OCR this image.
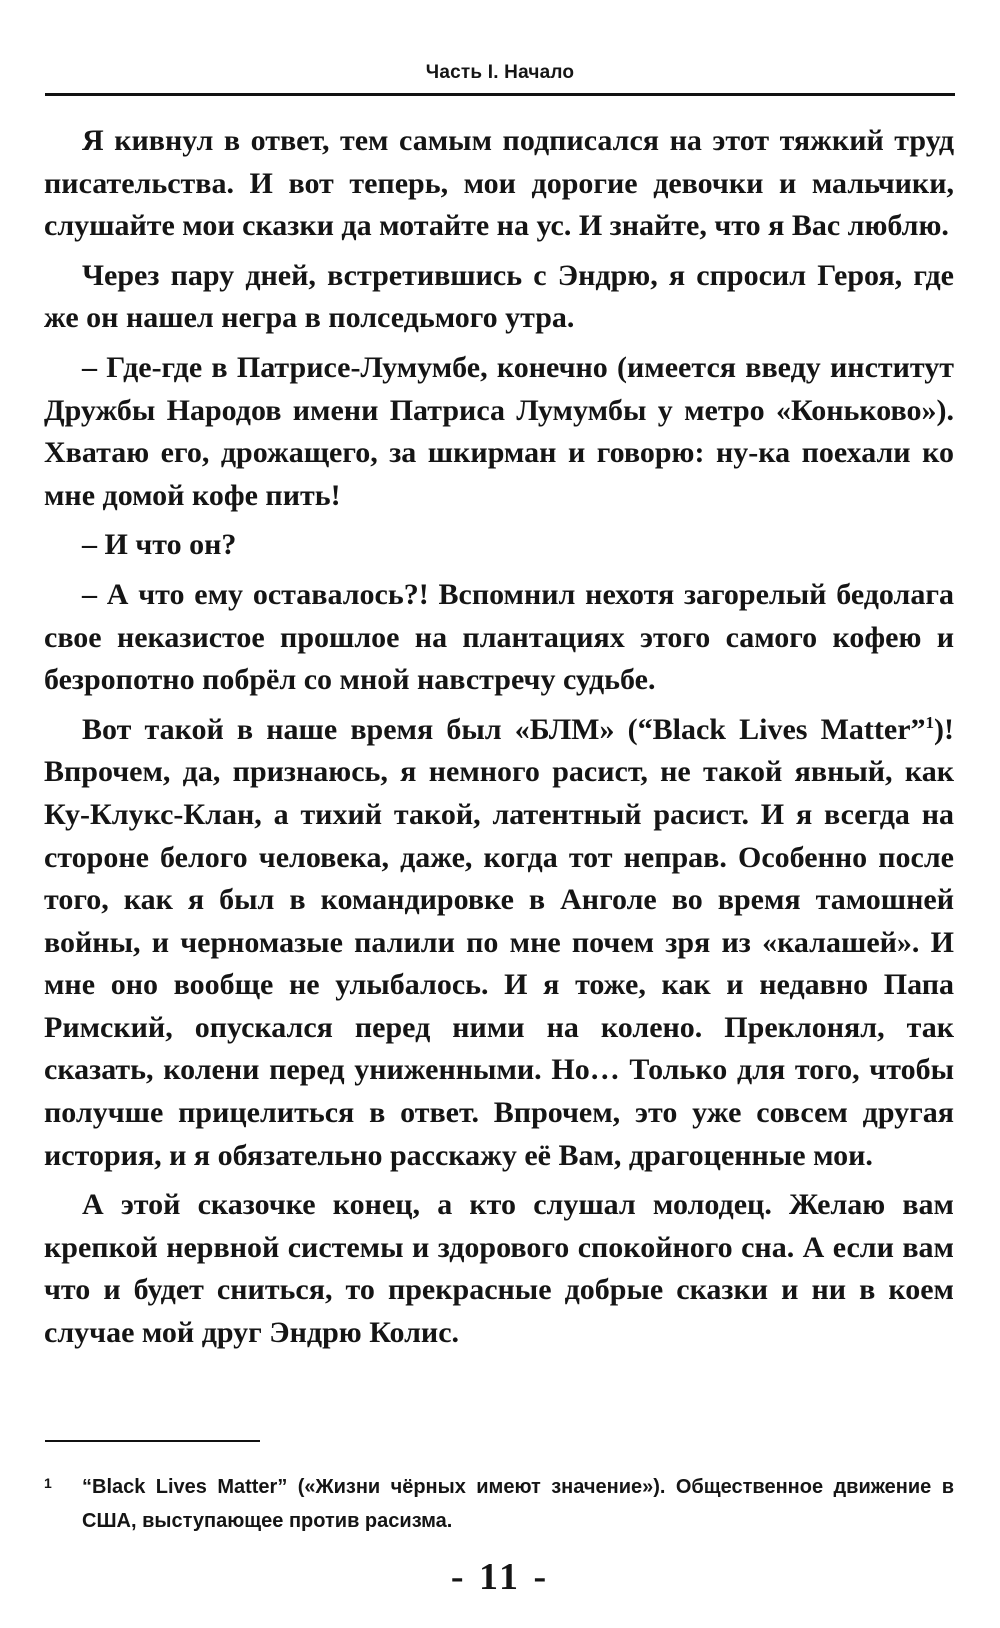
Часть I. Начало

Я кивнул в ответ, тем самым подписался на этот тяжкий труд писательства. И вот теперь, мои дорогие девочки и мальчики, слушайте мои сказки да мотайте на ус. И знайте, что я Вас люблю.

Через пару дней, встретившись с Эндрю, я спросил Героя, где же он нашел негра в полседьмого утра.

– Где-где в Патрисе-Лумумбе, конечно (имеется введу институт Дружбы Народов имени Патриса Лумумбы у метро «Коньково»). Хватаю его, дрожащего, за шкирман и говорю: ну-ка поехали ко мне домой кофе пить!

– И что он?

– А что ему оставалось?! Вспомнил нехотя загорелый бедолага свое неказистое прошлое на плантациях этого самого кофею и безропотно побрёл со мной навстречу судьбе.

Вот такой в наше время был «БЛМ» (“Black Lives Matter”$^1$)! Впрочем, да, признаюсь, я немного расист, не такой явный, как Ку-Клукс-Клан, а тихий такой, латентный расист. И я всегда на стороне белого человека, даже, когда тот неправ. Особенно после того, как я был в командировке в Анголе во время тамошней войны, и черномазые палили по мне почем зря из «калашей». И мне оно вообще не улыбалось. И я тоже, как и недавно Папа Римский, опускался перед ними на колено. Преклонял, так сказать, колени перед униженными. Но… Только для того, чтобы получше прицелиться в ответ. Впрочем, это уже совсем другая история, и я обязательно расскажу её Вам, драгоценные мои.

А этой сказочке конец, а кто слушал молодец. Желаю вам крепкой нервной системы и здорового спокойного сна. А если вам что и будет сниться, то прекрасные добрые сказки и ни в коем случае мой друг Эндрю Колис.

1	“Black Lives Matter” («Жизни чёрных имеют значение»). Общественное движение в США, выступающее против расизма.
- 11 -
